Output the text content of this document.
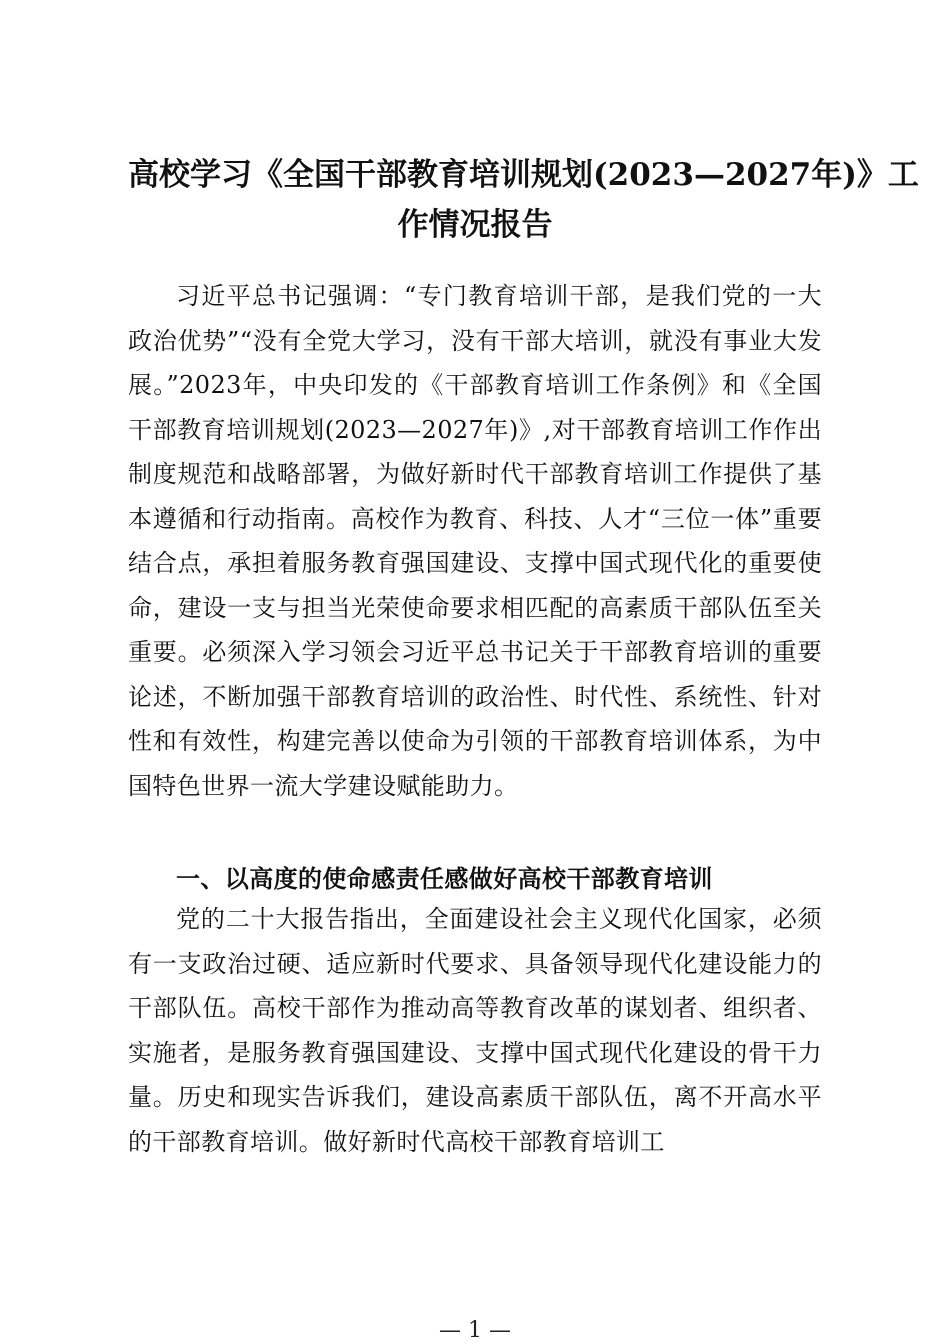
高校学习《全国干部教育培训规划(2023—2027年)》工
作情况报告
习近平总书记强调：“专门教育培训干部，是我们党的一大政治优势”“没有全党大学习，没有干部大培训，就没有事业大发展。”2023年，中央印发的《干部教育培训工作条例》和《全国干部教育培训规划(2023—2027年)》,对干部教育培训工作作出制度规范和战略部署，为做好新时代干部教育培训工作提供了基本遵循和行动指南。高校作为教育、科技、人才“三位一体”重要结合点，承担着服务教育强国建设、支撑中国式现代化的重要使命，建设一支与担当光荣使命要求相匹配的高素质干部队伍至关重要。必须深入学习领会习近平总书记关于干部教育培训的重要论述，不断加强干部教育培训的政治性、时代性、系统性、针对性和有效性，构建完善以使命为引领的干部教育培训体系，为中国特色世界一流大学建设赋能助力。
一、以高度的使命感责任感做好高校干部教育培训
党的二十大报告指出，全面建设社会主义现代化国家，必须有一支政治过硬、适应新时代要求、具备领导现代化建设能力的干部队伍。高校干部作为推动高等教育改革的谋划者、组织者、实施者，是服务教育强国建设、支撑中国式现代化建设的骨干力量。历史和现实告诉我们，建设高素质干部队伍，离不开高水平的干部教育培训。做好新时代高校干部教育培训工
— 1 —
